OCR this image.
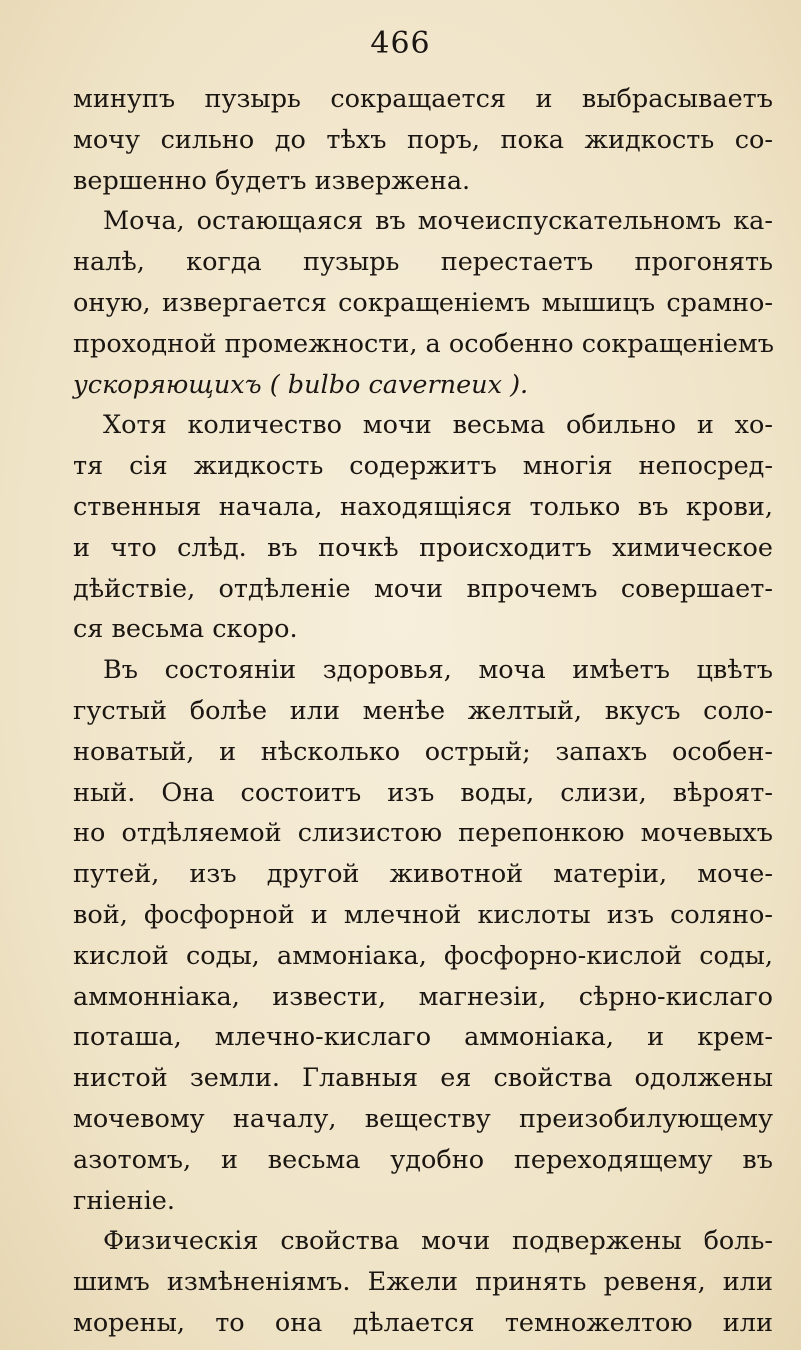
466
минупъ пузырь сокращается и выбрасываетъ
мочу сильно до тѣхъ поръ, пока жидкость со-
вершенно будетъ извержена.
Моча, остающаяся въ мочеиспускательномъ ка-
налѣ, когда пузырь перестаетъ прогонять
оную, извергается сокращеніемъ мышицъ срамно-
проходной промежности, а особенно сокращеніемъ
ускоряющихъ ( bulbo caverneux ).
Хотя количество мочи весьма обильно и хо-
тя сія жидкость содержитъ многія непосред-
ственныя начала, находящіяся только въ крови,
и что слѣд. въ почкѣ происходитъ химическое
дѣйствіе, отдѣленіе мочи впрочемъ совершает-
ся весьма скоро.
Въ состояніи здоровья, моча имѣетъ цвѣтъ
густый болѣе или менѣе желтый, вкусъ соло-
новатый, и нѣсколько острый; запахъ особен-
ный. Она состоитъ изъ воды, слизи, вѣроят-
но отдѣляемой слизистою перепонкою мочевыхъ
путей, изъ другой животной матеріи, моче-
вой, фосфорной и млечной кислоты изъ соляно-
кислой соды, аммоніака, фосфорно-кислой соды,
аммонніака, извести, магнезіи, сѣрно-кислаго
поташа, млечно-кислаго аммоніака, и крем-
нистой земли. Главныя ея свойства одолжены
мочевому началу, веществу преизобилующему
азотомъ, и весьма удобно переходящему въ
гніеніе.
Физическія свойства мочи подвержены боль-
шимъ измѣненіямъ. Ежели принять ревеня, или
морены, то она дѣлается темножелтою или
